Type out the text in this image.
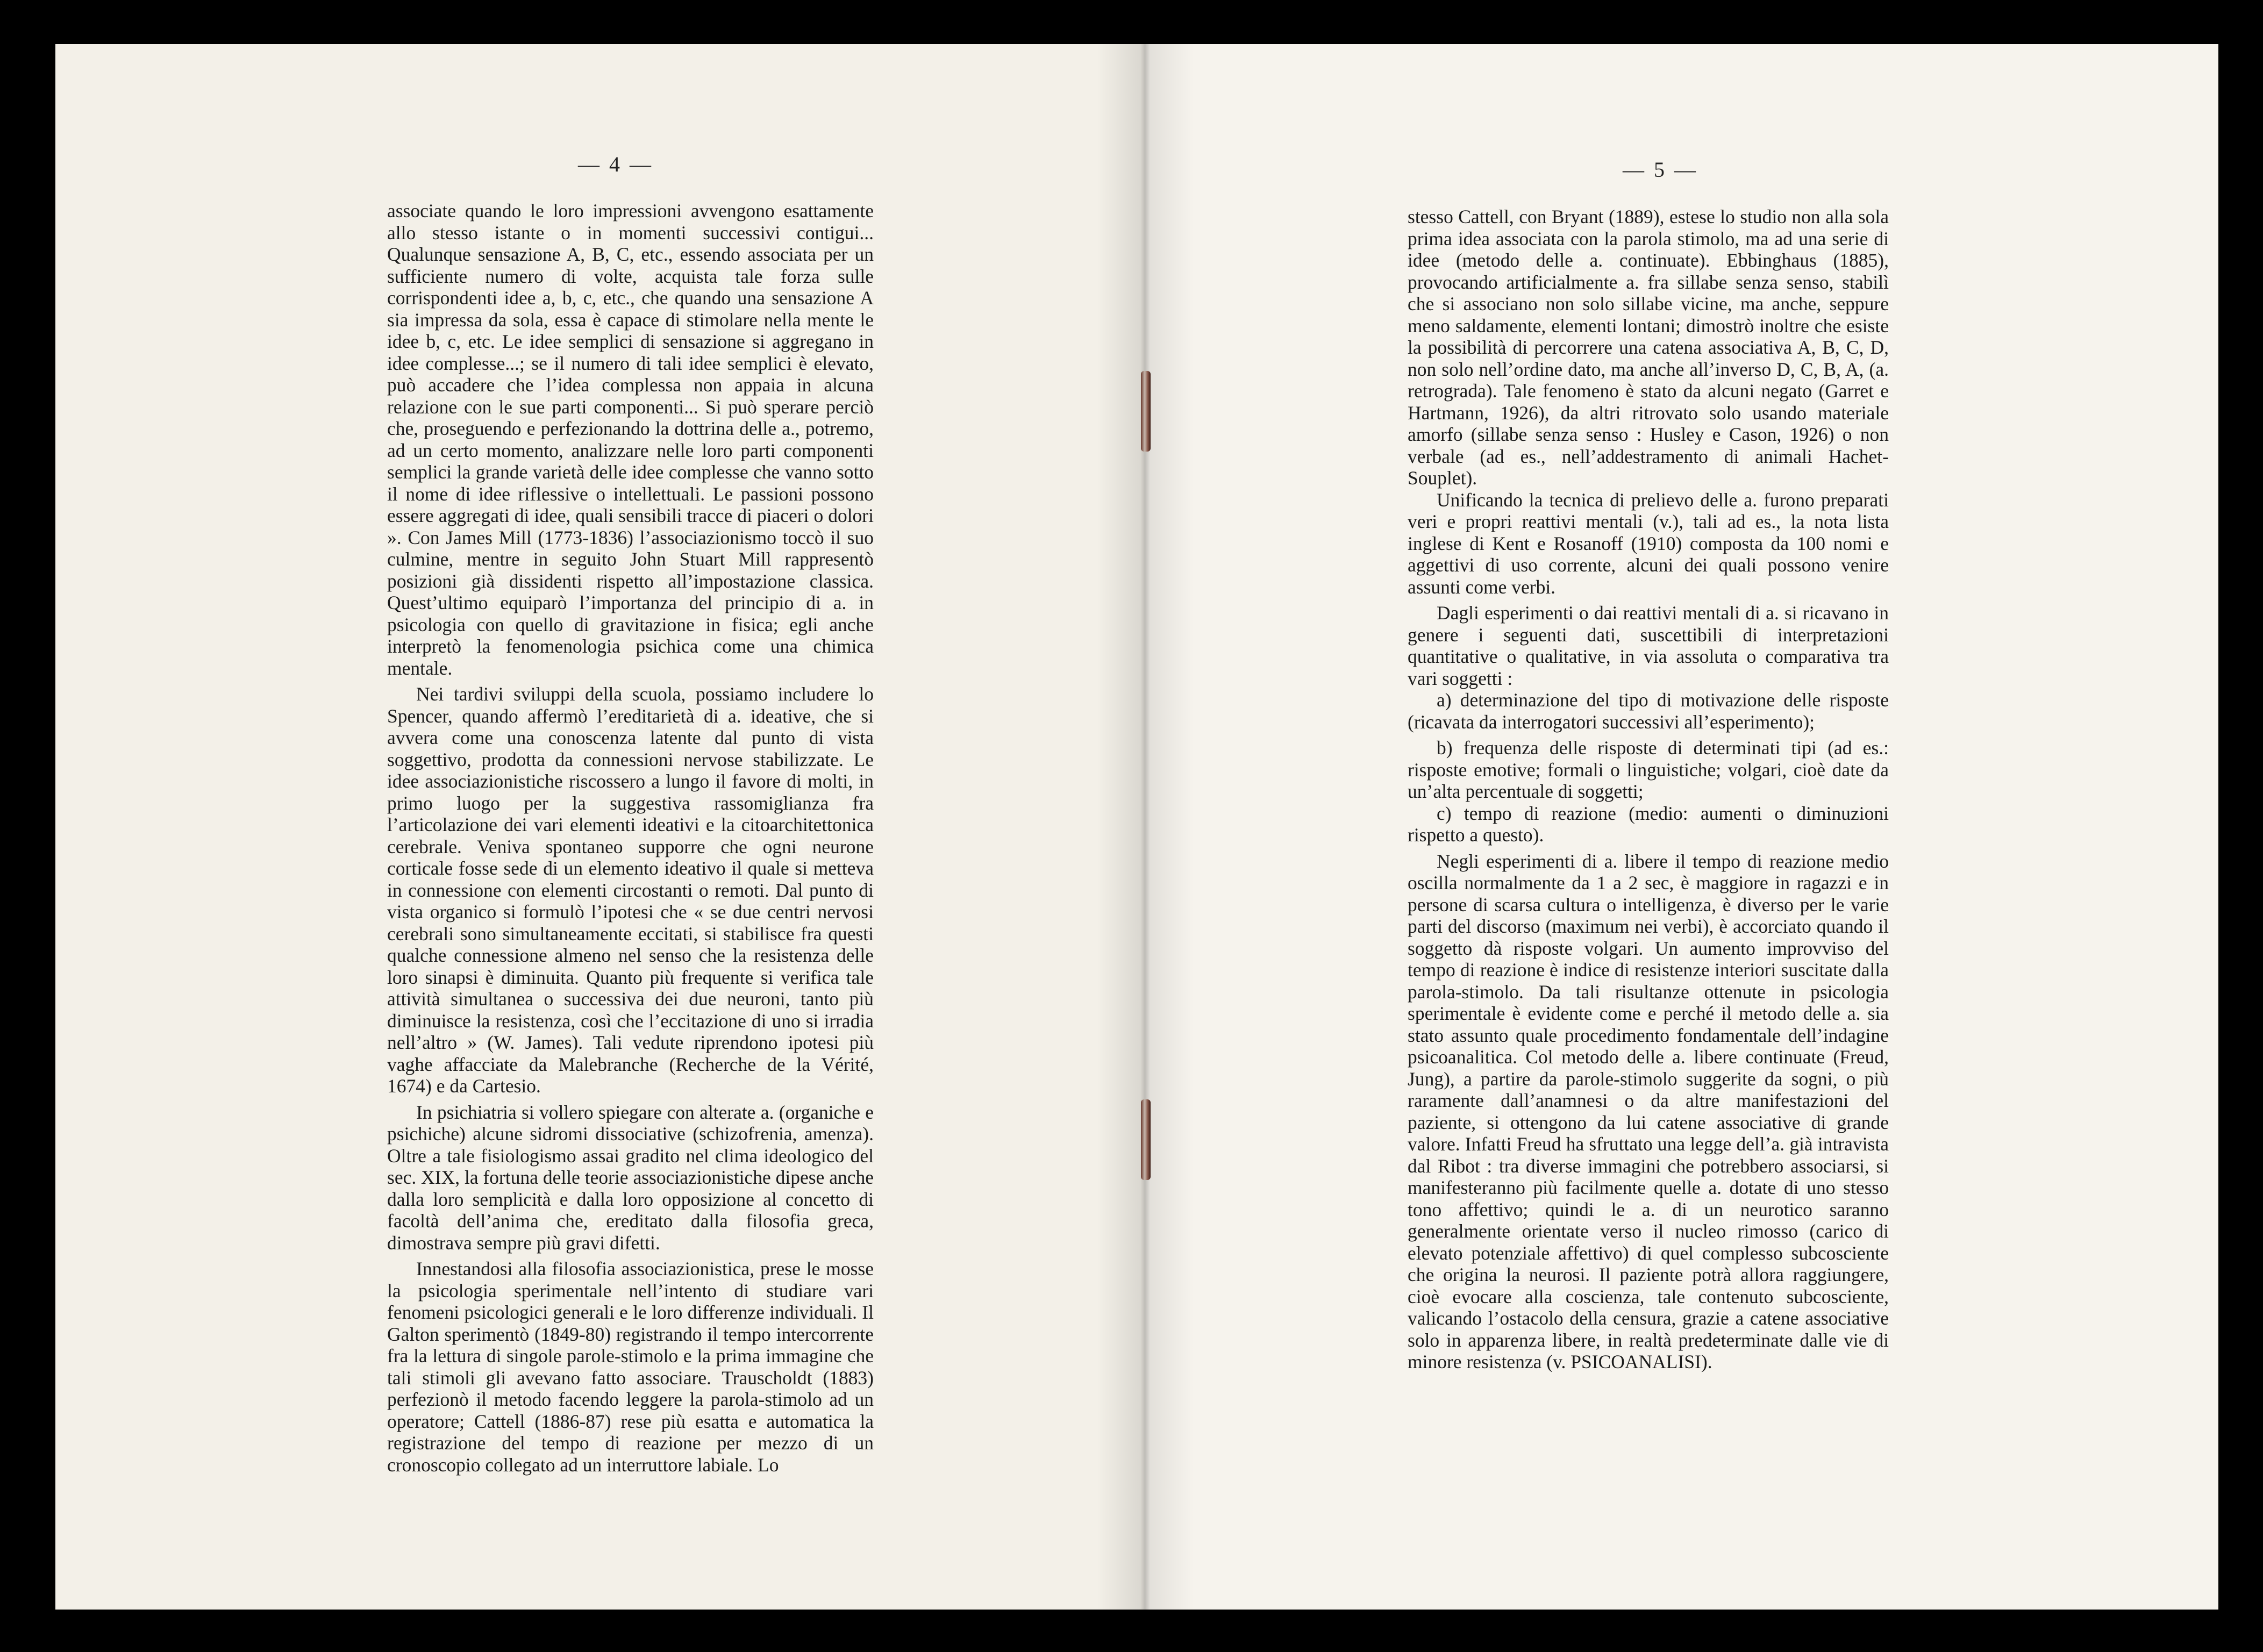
— 4 —	— 5 —

associate quando le loro impressioni avvengono esattamente allo stesso istante o in momenti successivi contigui... Qualunque sensazione A, B, C, etc., essendo associata per un sufficiente numero di volte, acquista tale forza sulle corrispondenti idee a, b, c, etc., che quando una sensazione A sia impressa da sola, essa è capace di stimolare nella mente le idee b, c, etc. Le idee semplici di sensazione si aggregano in idee complesse...; se il numero di tali idee semplici è elevato, può accadere che l’idea complessa non appaia in alcuna relazione con le sue parti componenti... Si può sperare perciò che, proseguendo e perfezionando la dottrina delle a., potremo, ad un certo momento, analizzare nelle loro parti componenti semplici la grande varietà delle idee complesse che vanno sotto il nome di idee riflessive o intellettuali. Le passioni possono essere aggregati di idee, quali sensibili tracce di piaceri o dolori ». Con James Mill (1773-1836) l’associazionismo toccò il suo culmine, mentre in seguito John Stuart Mill rappresentò posizioni già dissidenti rispetto all’impostazione classica. Quest’ultimo equiparò l’importanza del principio di a. in psicologia con quello di gravitazione in fisica; egli anche interpretò la fenomenologia psichica come una chimica mentale.

Nei tardivi sviluppi della scuola, possiamo includere lo Spencer, quando affermò l’ereditarietà di a. ideative, che si avvera come una conoscenza latente dal punto di vista soggettivo, prodotta da connessioni nervose stabilizzate. Le idee associazionistiche riscossero a lungo il favore di molti, in primo luogo per la suggestiva rassomiglianza fra l’articolazione dei vari elementi ideativi e la citoarchitettonica cerebrale. Veniva spontaneo supporre che ogni neurone corticale fosse sede di un elemento ideativo il quale si metteva in connessione con elementi circostanti o remoti. Dal punto di vista organico si formulò l’ipotesi che « se due centri nervosi cerebrali sono simultaneamente eccitati, si stabilisce fra questi qualche connessione almeno nel senso che la resistenza delle loro sinapsi è diminuita. Quanto più frequente si verifica tale attività simultanea o successiva dei due neuroni, tanto più diminuisce la resistenza, così che l’eccitazione di uno si irradia nell’altro » (W. James). Tali vedute riprendono ipotesi più vaghe affacciate da Malebranche (Recherche de la Vérité, 1674) e da Cartesio.

In psichiatria si vollero spiegare con alterate a. (organiche e psichiche) alcune sidromi dissociative (schizofrenia, amenza). Oltre a tale fisiologismo assai gradito nel clima ideologico del sec. XIX, la fortuna delle teorie associazionistiche dipese anche dalla loro semplicità e dalla loro opposizione al concetto di facoltà dell’anima che, ereditato dalla filosofia greca, dimostrava sempre più gravi difetti.

Innestandosi alla filosofia associazionistica, prese le mosse la psicologia sperimentale nell’intento di studiare vari fenomeni psicologici generali e le loro differenze individuali. Il Galton sperimentò (1849-80) registrando il tempo intercorrente fra la lettura di singole parole-stimolo e la prima immagine che tali stimoli gli avevano fatto associare. Trauscholdt (1883) perfezionò il metodo facendo leggere la parola-stimolo ad un operatore; Cattell (1886-87) rese più esatta e automatica la registrazione del tempo di reazione per mezzo di un cronoscopio collegato ad un interruttore labiale. Lo

stesso Cattell, con Bryant (1889), estese lo studio non alla sola prima idea associata con la parola stimolo, ma ad una serie di idee (metodo delle a. continuate). Ebbinghaus (1885), provocando artificialmente a. fra sillabe senza senso, stabilì che si associano non solo sillabe vicine, ma anche, seppure meno saldamente, elementi lontani; dimostrò inoltre che esiste la possibilità di percorrere una catena associativa A, B, C, D, non solo nell’ordine dato, ma anche all’inverso D, C, B, A, (a. retrograda). Tale fenomeno è stato da alcuni negato (Garret e Hartmann, 1926), da altri ritrovato solo usando materiale amorfo (sillabe senza senso : Husley e Cason, 1926) o non verbale (ad es., nell’addestramento di animali Hachet-Souplet).

Unificando la tecnica di prelievo delle a. furono preparati veri e propri reattivi mentali (v.), tali ad es., la nota lista inglese di Kent e Rosanoff (1910) composta da 100 nomi e aggettivi di uso corrente, alcuni dei quali possono venire assunti come verbi.

Dagli esperimenti o dai reattivi mentali di a. si ricavano in genere i seguenti dati, suscettibili di interpretazioni quantitative o qualitative, in via assoluta o comparativa tra vari soggetti :

a) determinazione del tipo di motivazione delle risposte (ricavata da interrogatori successivi all’esperimento);

b) frequenza delle risposte di determinati tipi (ad es.: risposte emotive; formali o linguistiche; volgari, cioè date da un’alta percentuale di soggetti;

c) tempo di reazione (medio: aumenti o diminuzioni rispetto a questo).

Negli esperimenti di a. libere il tempo di reazione medio oscilla normalmente da 1 a 2 sec, è maggiore in ragazzi e in persone di scarsa cultura o intelligenza, è diverso per le varie parti del discorso (maximum nei verbi), è accorciato quando il soggetto dà risposte volgari. Un aumento improvviso del tempo di reazione è indice di resistenze interiori suscitate dalla parola-stimolo. Da tali risultanze ottenute in psicologia sperimentale è evidente come e perché il metodo delle a. sia stato assunto quale procedimento fondamentale dell’indagine psicoanalitica. Col metodo delle a. libere continuate (Freud, Jung), a partire da parole-stimolo suggerite da sogni, o più raramente dall’anamnesi o da altre manifestazioni del paziente, si ottengono da lui catene associative di grande valore. Infatti Freud ha sfruttato una legge dell’a. già intravista dal Ribot : tra diverse immagini che potrebbero associarsi, si manifesteranno più facilmente quelle a. dotate di uno stesso tono affettivo; quindi le a. di un neurotico saranno generalmente orientate verso il nucleo rimosso (carico di elevato potenziale affettivo) di quel complesso subcosciente che origina la neurosi. Il paziente potrà allora raggiungere, cioè evocare alla coscienza, tale contenuto subcosciente, valicando l’ostacolo della censura, grazie a catene associative solo in apparenza libere, in realtà predeterminate dalle vie di minore resistenza (v. PSICOANALISI).
